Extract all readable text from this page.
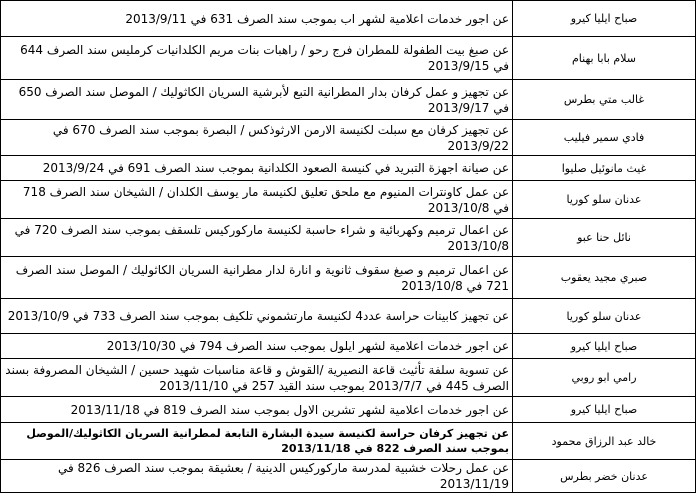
صباح ايليا كيرو	عن اجور خدمات اعلامية لشهر اب بموجب سند الصرف 631 في 2013/9/11
سلام بابا بهنام	عن صبغ بيت الطفولة للمطران فرج رحو / راهبات بنات مريم الكلدانيات كرمليس سند الصرف 644 في 2013/9/15
غالب متي بطرس	عن تجهيز و عمل كرفان بدار المطرانية التبع لأبرشية السريان الكاثوليك / الموصل سند الصرف 650 في 2013/9/17
فادي سمير فيليب	عن تجهيز كرفان مع سبلت لكنيسة الارمن الارثوذكس / البصرة بموجب سند الصرف 670 في 2013/9/22
غيث مانوئيل صليوا	عن صيانة اجهزة التبريد في كنيسة الصعود الكلدانية بموجب سند الصرف 691 في 2013/9/24
عدنان سلو كوريا	عن عمل كاونترات المنيوم مع ملحق تعليق لكنيسة مار يوسف الكلدان / الشيخان سند الصرف 718 في 2013/10/8
نائل حنا عبو	عن اعمال ترميم وكهربائية و شراء حاسبة لكنيسة ماركوركيس تلسقف بموجب سند الصرف 720 في 2013/10/8
صبري مجيد يعقوب	عن اعمال ترميم و صبغ سقوف ثانوية و انارة لدار مطرانية السريان الكاثوليك / الموصل سند الصرف 721 في 2013/10/8
عدنان سلو كوريا	عن تجهيز كابينات حراسة عدد4 لكنيسة مارتشموني تلكيف بموجب سند الصرف 733 في 2013/10/9
صباح ايليا كيرو	عن اجور خدمات اعلامية لشهر ايلول بموجب سند الصرف 794 في 2013/10/30
رامي ابو روبي	عن تسوية سلفة تأثيث قاعة النصيرية /القوش و قاعة مناسبات شهيد حسين / الشيخان المصروفة بسند الصرف 445 في 2013/7/7 بموجب سند القيد 257 في 2013/11/10
صباح ايليا كيرو	عن اجور خدمات اعلامية لشهر تشرين الاول بموجب سند الصرف 819 في 2013/11/18
خالد عبد الرزاق محمود	عن تجهيز كرفان حراسة لكنيسة سيدة البشارة التابعة لمطرانية السريان الكاثوليك/الموصل بموجب سند الصرف 822 في 2013/11/18
عدنان خضر بطرس	عن عمل رحلات خشبية لمدرسة ماركوركيس الدينية / بعشيقة بموجب سند الصرف 826 في 2013/11/19
